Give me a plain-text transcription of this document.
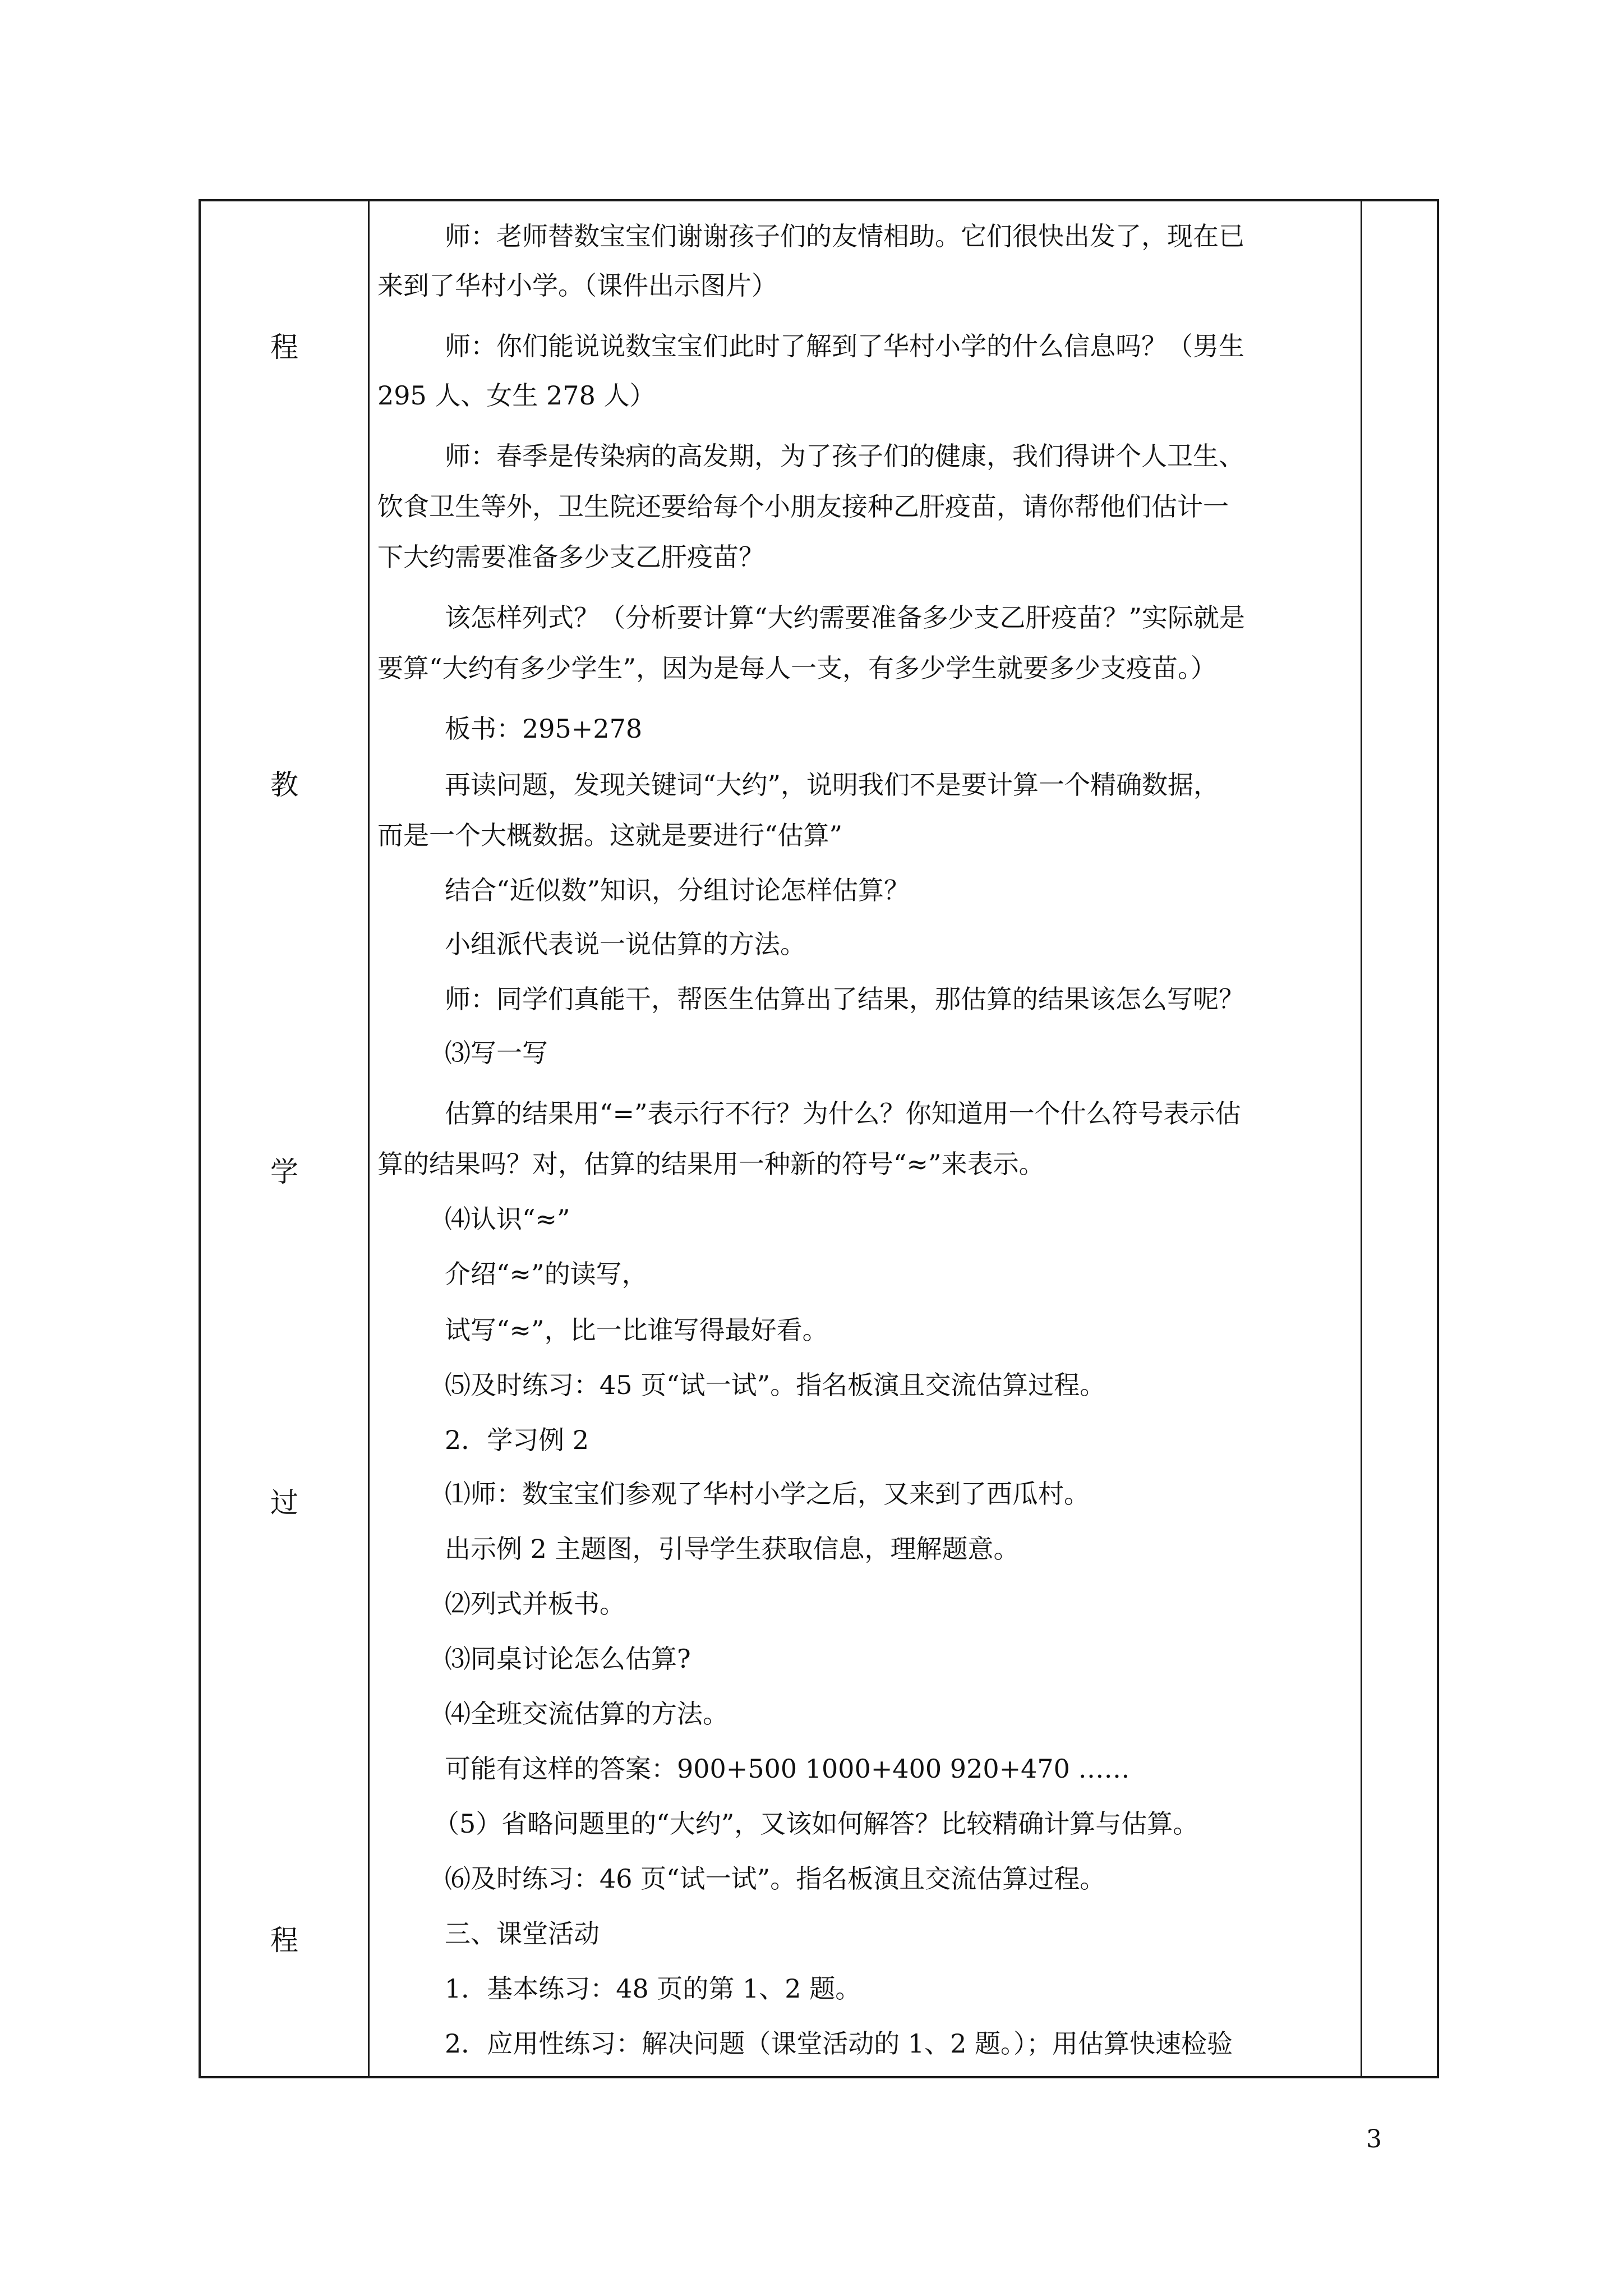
程
教
学
过
程

师：老师替数宝宝们谢谢孩子们的友情相助。它们很快出发了，现在已

来到了华村小学。（课件出示图片）

师：你们能说说数宝宝们此时了解到了华村小学的什么信息吗？（男生

295 人、女生 278 人）

师：春季是传染病的高发期，为了孩子们的健康，我们得讲个人卫生、

饮食卫生等外，卫生院还要给每个小朋友接种乙肝疫苗，请你帮他们估计一

下大约需要准备多少支乙肝疫苗？

该怎样列式？（分析要计算“大约需要准备多少支乙肝疫苗？”实际就是

要算“大约有多少学生”，因为是每人一支，有多少学生就要多少支疫苗。）

板书：295+278

再读问题，发现关键词“大约”，说明我们不是要计算一个精确数据，

而是一个大概数据。这就是要进行“估算”

结合“近似数”知识，分组讨论怎样估算？

小组派代表说一说估算的方法。

师：同学们真能干，帮医生估算出了结果，那估算的结果该怎么写呢？

⑶写一写

估算的结果用“=”表示行不行？为什么？你知道用一个什么符号表示估

算的结果吗？对，估算的结果用一种新的符号“≈”来表示。

⑷认识“≈”

介绍“≈”的读写，

试写“≈”，比一比谁写得最好看。

⑸及时练习：45 页“试一试”。指名板演且交流估算过程。

2．学习例 2

⑴师：数宝宝们参观了华村小学之后，又来到了西瓜村。

出示例 2 主题图，引导学生获取信息，理解题意。

⑵列式并板书。

⑶同桌讨论怎么估算?

⑷全班交流估算的方法。

可能有这样的答案：900+500 1000+400 920+470 ……

（5）省略问题里的“大约”，又该如何解答？比较精确计算与估算。

⑹及时练习：46 页“试一试”。指名板演且交流估算过程。

三、课堂活动

1．基本练习：48 页的第 1、2 题。

2．应用性练习：解决问题（课堂活动的 1、2 题。）；用估算快速检验

3
